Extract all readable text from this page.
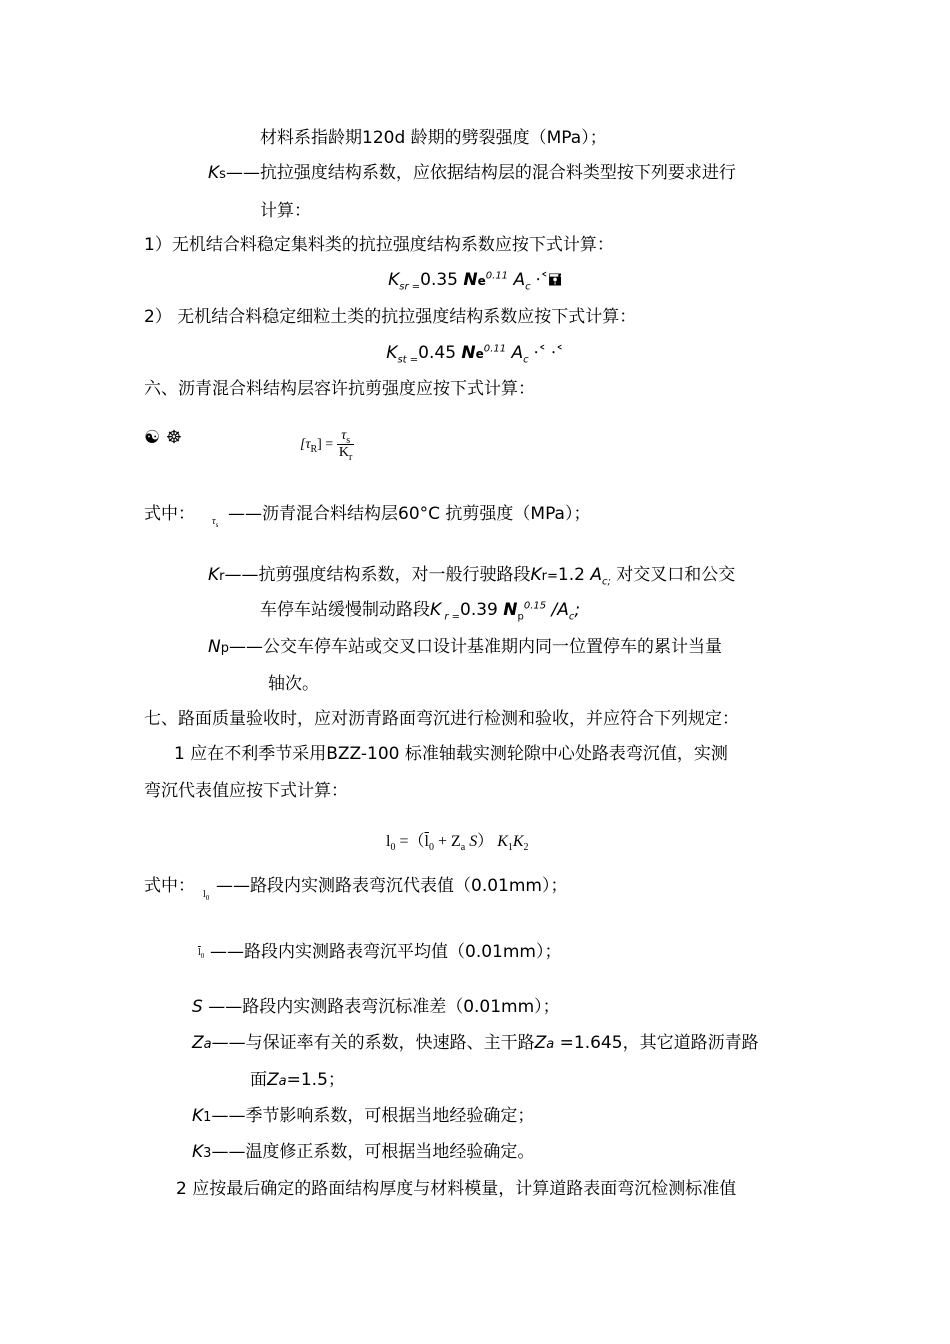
材料系指龄期120d 龄期的劈裂强度（MPa）；
Ks——抗拉强度结构系数，应依据结构层的混合料类型按下列要求进行
计算：
1）无机结合料稳定集料类的抗拉强度结构系数应按下式计算：
$K_{sr =}0.35$ $Ne^{0.11}$ $A_c$ ⸱˂🖬
2） 无机结合料稳定细粒土类的抗拉强度结构系数应按下式计算：
$K_{st =}0.45$ $Ne^{0.11}$ $A_c$ ⸱˂ ⸱˂
六、沥青混合料结构层容许抗剪强度应按下式计算：
☯ ☸	$[\tau_R] = \frac{\tau_s}{K_r}$
式中： $\tau_s$
——沥青混合料结构层60°C 抗剪强度（MPa）；
Kr——抗剪强度结构系数，对一般行驶路段Kr=1.2 $A_{c;}$ 对交叉口和公交
车停车站缓慢制动路段K $_{r =}$0.39 $N_p^{0.15}$ $/A_c$;
Np——公交车停车站或交叉口设计基准期内同一位置停车的累计当量
轴次。
七、路面质量验收时，应对沥青路面弯沉进行检测和验收，并应符合下列规定：
1 应在不利季节采用BZZ-100 标准轴载实测轮隙中心处路表弯沉值，实测
弯沉代表值应按下式计算：
$l_0 =(\overline{l}_0 + Z_a$ S） $K_1K_2$
式中： $l_0$
——路段内实测路表弯沉代表值（0.01mm）；
$\overline{l}_0$ ——路段内实测路表弯沉平均值（0.01mm）；
S ——路段内实测路表弯沉标准差（0.01mm）；
Za——与保证率有关的系数，快速路、主干路Za =1.645，其它道路沥青路
面Za=1.5；
K1——季节影响系数，可根据当地经验确定；
K3——温度修正系数，可根据当地经验确定。
2 应按最后确定的路面结构厚度与材料模量，计算道路表面弯沉检测标准值
